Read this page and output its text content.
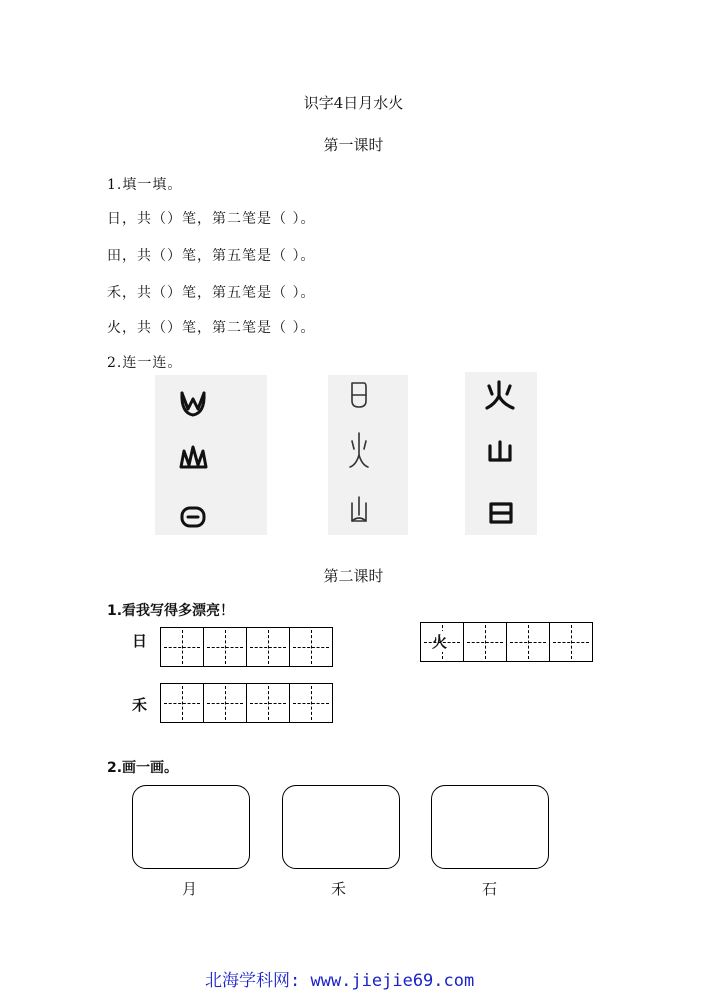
识字4日月水火
第一课时
1.填一填。
日，共（）笔，第二笔是（ ）。
田，共（）笔，第五笔是（ ）。
禾，共（）笔，第五笔是（ ）。
火，共（）笔，第二笔是（ ）。
2.连一连。
第二课时
1.看我写得多漂亮！
日	火
禾
2.画一画。
月	禾	石
北海学科网: www.jiejie69.com
